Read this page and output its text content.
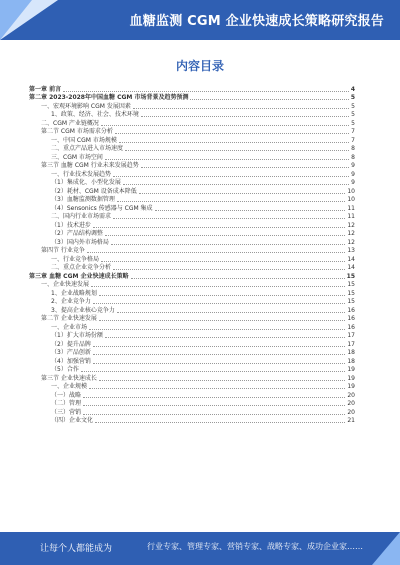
血糖监测 CGM 企业快速成长策略研究报告
内容目录
第一章 前言	4
第二章 2023-2028年中国血糖 CGM 市场背景及趋势预测	5
一、宏观环境影响 CGM 发展因素	5
1、政策、经济、社会、技术环境	5
二、CGM 产业链概况	5
第二节 CGM 市场需求分析	7
一、中国 CGM 市场规模	7
二、重点产品进入市场速度	8
三、CGM 市场空间	8
第三节 血糖 CGM 行业未来发展趋势	9
一、行业技术发展趋势	9
（1）集成化、小型化发展	9
（2）耗材、CGM 设备成本降低	10
（3）血糖监测数据管理	10
（4）Sensonics 传感器与 CGM 集成	11
二、国内行业市场需求	11
（1）技术进步	12
（2）产品结构调整	12
（3）国内外市场格局	12
第四节 行业竞争	13
一、行业竞争格局	14
二、重点企业竞争分析	14
第三章 血糖 CGM 企业快速成长策略	15
一、企业快速发展	15
1、企业战略规划	15
2、企业竞争力	15
3、提高企业核心竞争力	16
第二节 企业快速发展	16
一、企业市场	16
（1）扩大市场份额	17
（2）提升品牌	17
（3）产品创新	18
（4）加强营销	18
（5）合作	19
第三节 企业快速成长	19
一、企业规模	19
（一）战略	20
（二）管理	20
（三）营销	20
（四）企业文化	21
让每个人都能成为	行业专家、管理专家、营销专家、战略专家、成功企业家……
